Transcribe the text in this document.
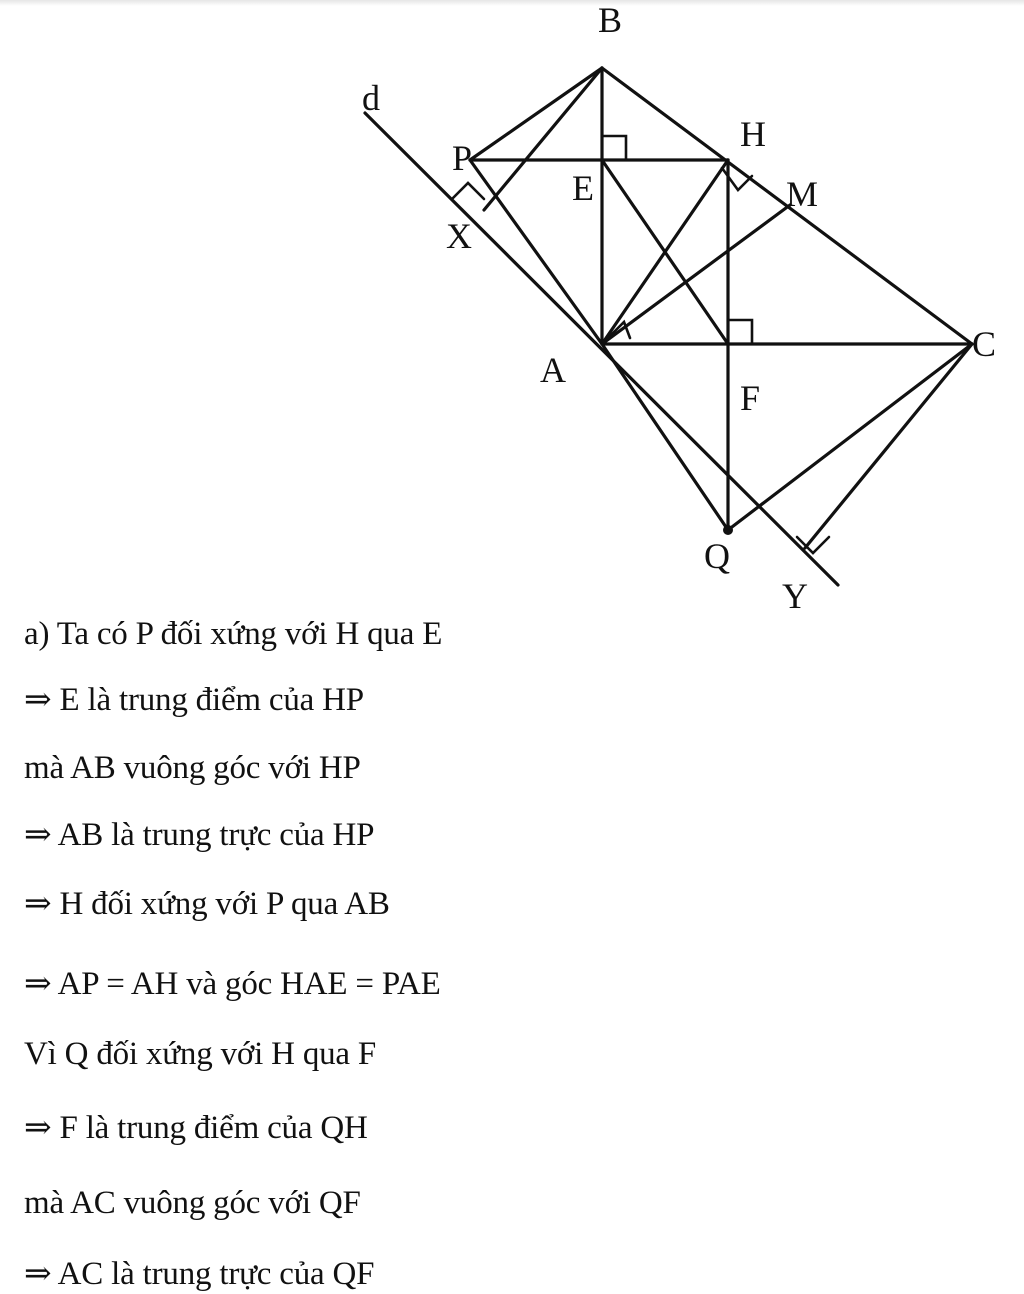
B
d
H
P
E	M
X
A
C
F
Q
Y
a) Ta có P đối xứng với H qua E
⇒ E là trung điểm của HP
mà AB vuông góc với HP
⇒ AB là trung trực của HP
⇒ H đối xứng với P qua AB
⇒ AP = AH và góc HAE = PAE
Vì Q đối xứng với H qua F
⇒ F là trung điểm của QH
mà AC vuông góc với QF
⇒ AC là trung trực của QF
